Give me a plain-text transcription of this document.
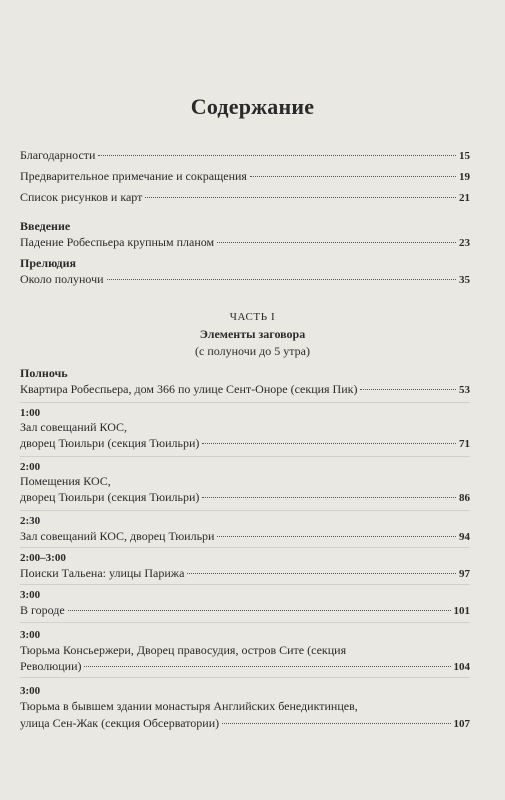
Содержание
Благодарности	15
Предварительное примечание и сокращения	19
Список рисунков и карт	21
Введение
Падение Робеспьера крупным планом	23
Прелюдия
Около полуночи	35
ЧАСТЬ I
Элементы заговора
(с полуночи до 5 утра)
Полночь
Квартира Робеспьера, дом 366 по улице Сент-Оноре (секция Пик)	53
1:00
Зал совещаний КОС,
дворец Тюильри (секция Тюильри)	71
2:00
Помещения КОС,
дворец Тюильри (секция Тюильри)	86
2:30
Зал совещаний КОС, дворец Тюильри	94
2:00–3:00
Поиски Тальена: улицы Парижа	97
3:00
В городе	101
3:00
Тюрьма Консьержери, Дворец правосудия, остров Сите (секция
Революции)	104
3:00
Тюрьма в бывшем здании монастыря Английских бенедиктинцев,
улица Сен-Жак (секция Обсерватории)	107
